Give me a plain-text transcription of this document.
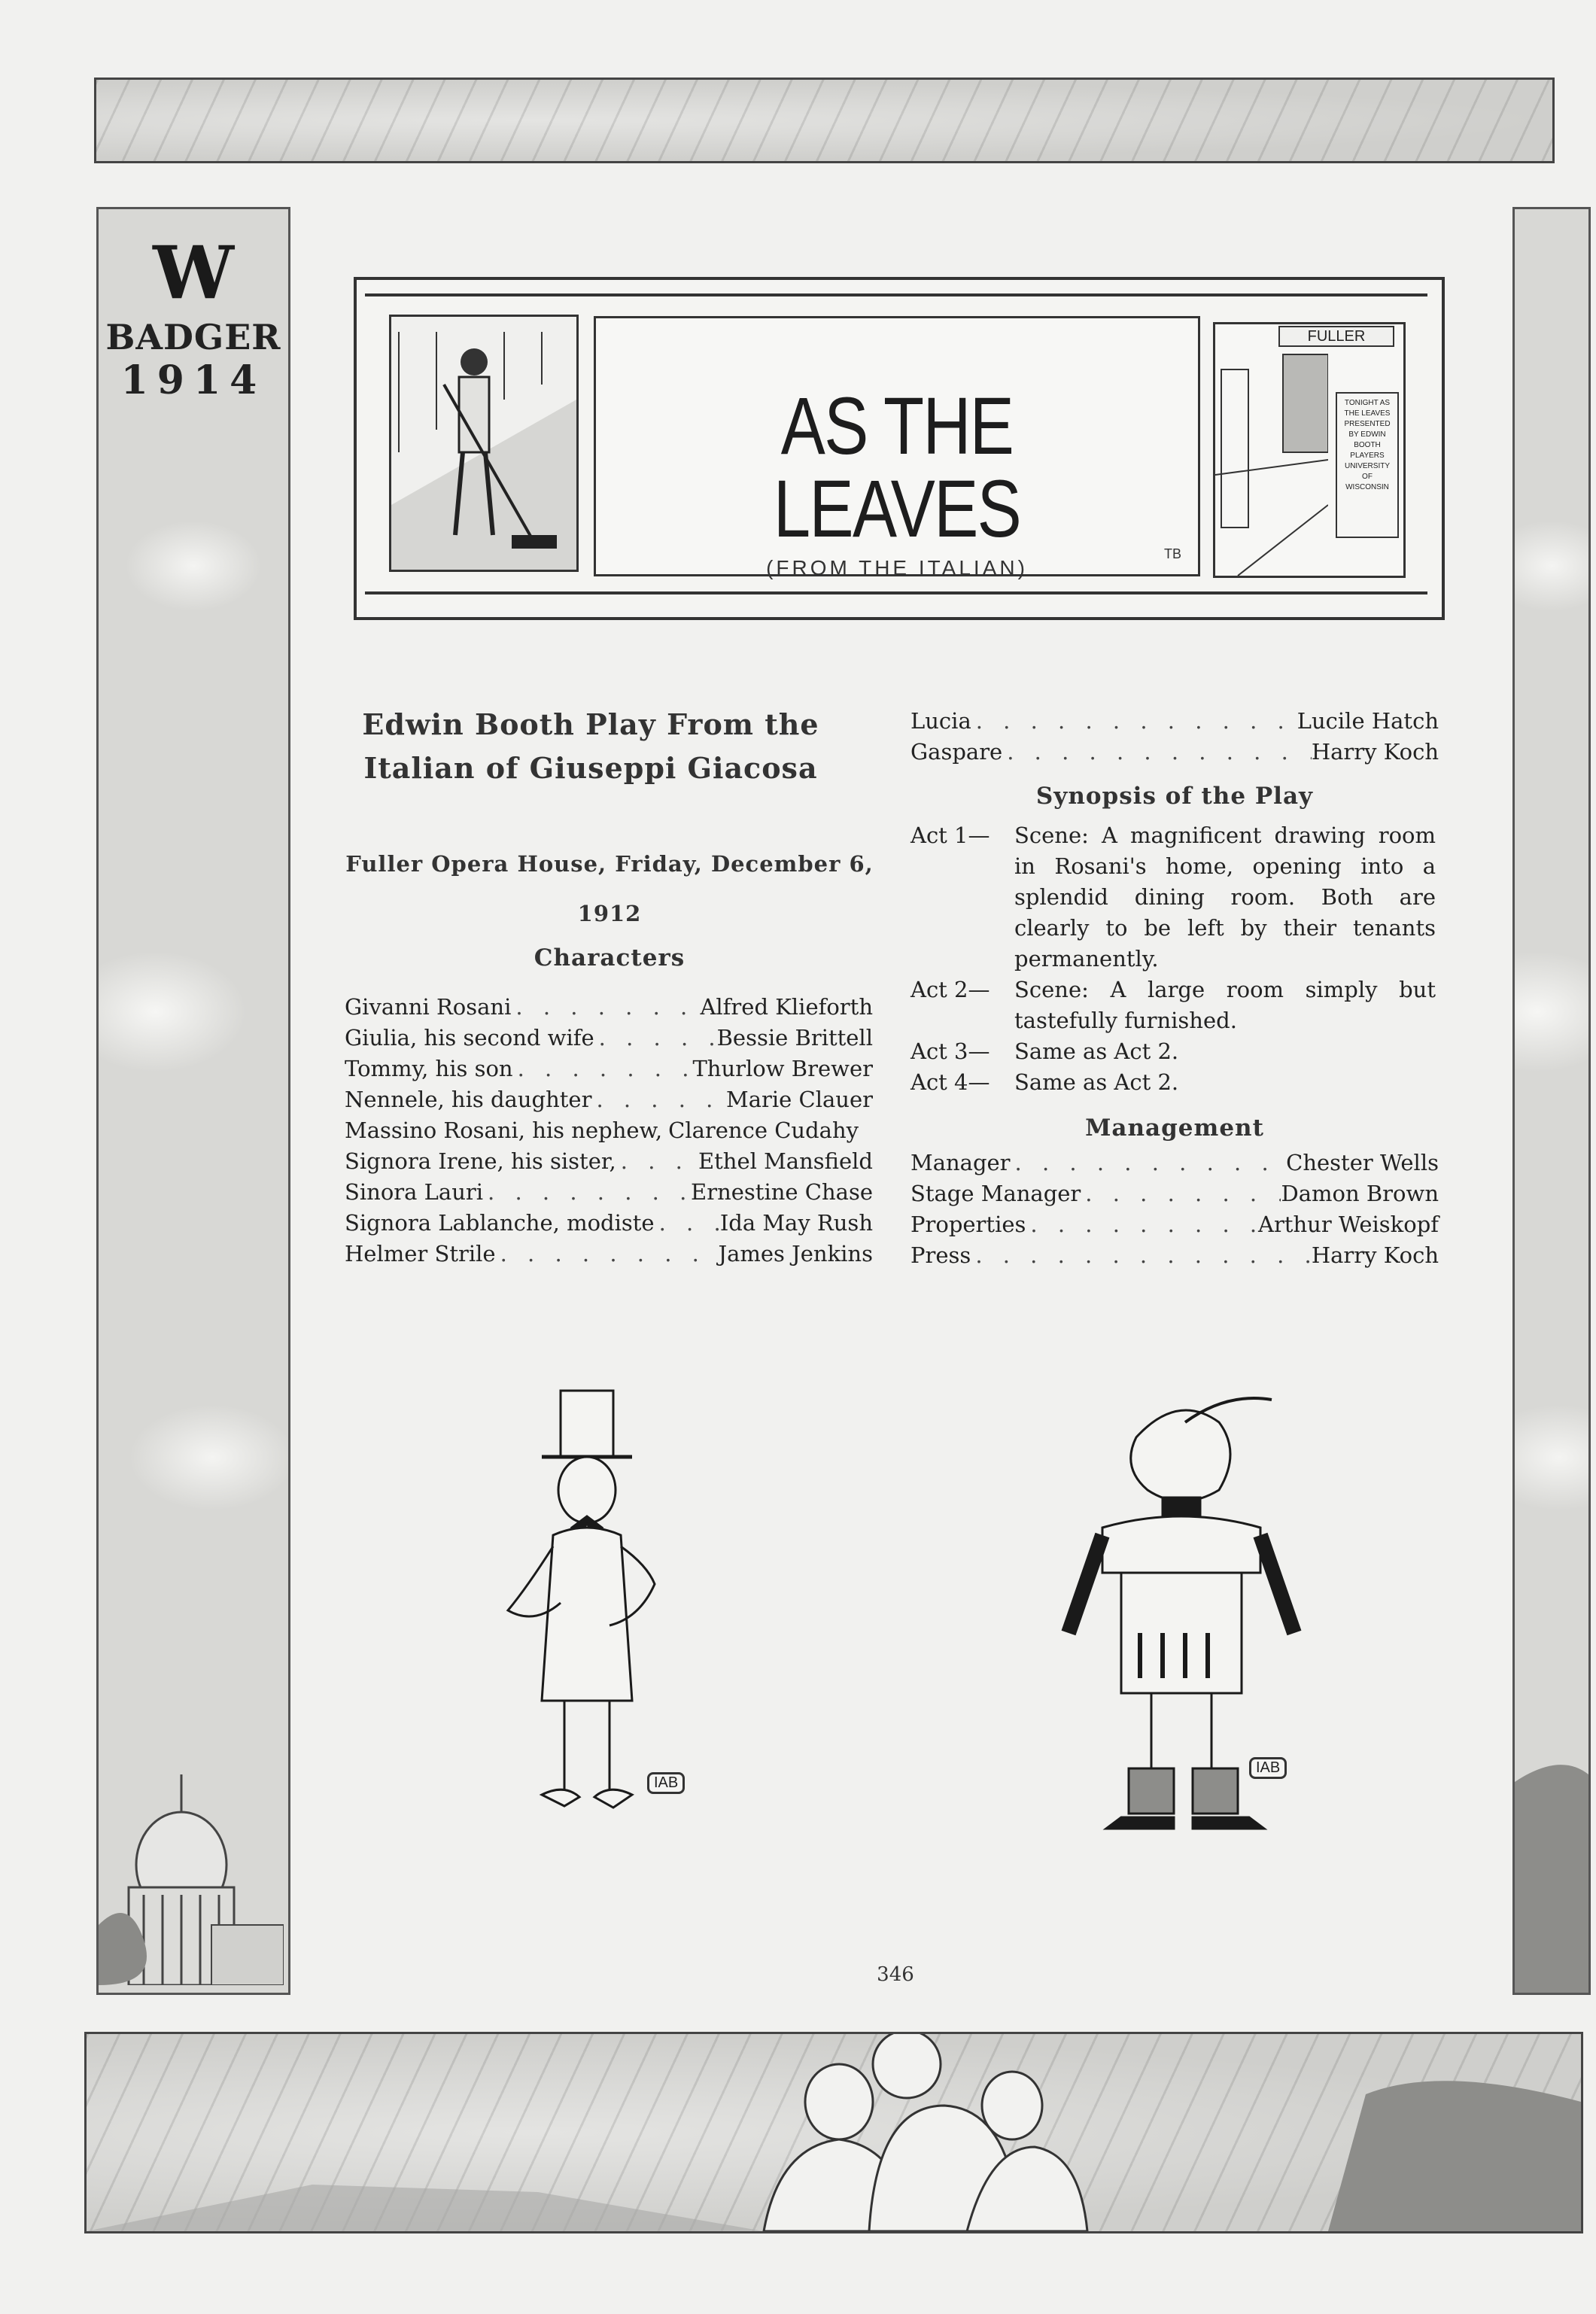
W
BADGER
1914	AS THE LEAVES
(FROM THE ITALIAN)
TB
FULLER
TONIGHT AS THE LEAVES PRESENTED BY EDWIN BOOTH PLAYERS UNIVERSITY OF WISCONSIN
Edwin Booth Play From the Italian of Giuseppi Giacosa
Fuller Opera House, Friday, December 6,
1912
Characters
Givanni Rosani . . .	Alfred Klieforth
Giulia, his second wife . . .	Bessie Brittell
Tommy, his son . . .	Thurlow Brewer
Nennele, his daughter . . .	Marie Clauer
Massino Rosani, his nephew, Clarence Cudahy
Signora Irene, his sister, . . .	Ethel Mansfield
Sinora Lauri . . .	Ernestine Chase
Signora Lablanche, modiste . . .	Ida May Rush
Helmer Strile . . .	James Jenkins
Lucia . . .	Lucile Hatch
Gaspare . . .	Harry Koch
Synopsis of the Play
Act 1— Scene: A magnificent drawing room in Rosani's home, opening into a splendid dining room. Both are clearly to be left by their tenants permanently.
Act 2— Scene: A large room simply but tastefully furnished.
Act 3— Same as Act 2.
Act 4— Same as Act 2.
Management
Manager . . .	Chester Wells
Stage Manager . . .	Damon Brown
Properties . . .	Arthur Weiskopf
Press . . .	Harry Koch
IAB
IAB
346
